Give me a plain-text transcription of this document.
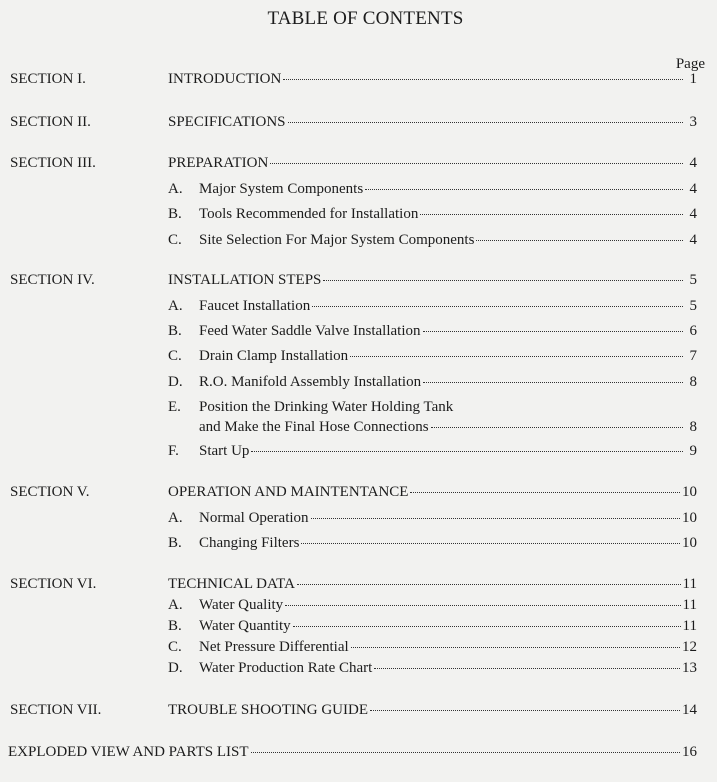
TABLE OF CONTENTS
Page
SECTION I.	INTRODUCTION	1
SECTION II.	SPECIFICATIONS	3
SECTION III.	PREPARATION	4
A.	Major System Components	4
B.	Tools Recommended for Installation	4
C.	Site Selection For Major System Components	4
SECTION IV.	INSTALLATION STEPS	5
A.	Faucet Installation	5
B.	Feed Water Saddle Valve Installation	6
C.	Drain Clamp Installation	7
D.	R.O. Manifold Assembly Installation	8
E.	Position the Drinking Water Holding Tank
and Make the Final Hose Connections	8
F.	Start Up	9
SECTION V.	OPERATION AND MAINTENTANCE	10
A.	Normal Operation	10
B.	Changing Filters	10
SECTION VI.	TECHNICAL DATA	11
A.	Water Quality	11
B.	Water Quantity	11
C.	Net Pressure Differential	12
D.	Water Production Rate Chart	13
SECTION VII.	TROUBLE SHOOTING GUIDE	14
EXPLODED VIEW AND PARTS LIST	16
